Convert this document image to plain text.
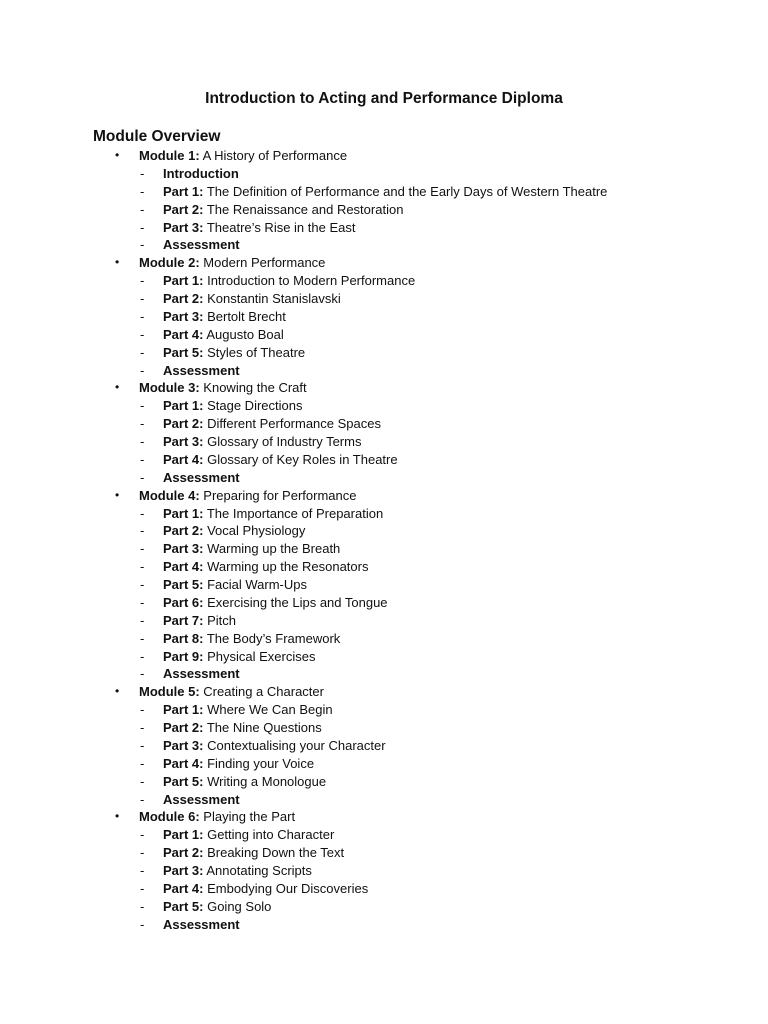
Introduction to Acting and Performance Diploma
Module Overview
• Module 1: A History of Performance
- Introduction
- Part 1: The Definition of Performance and the Early Days of Western Theatre
- Part 2: The Renaissance and Restoration
- Part 3: Theatre’s Rise in the East
- Assessment
• Module 2: Modern Performance
- Part 1: Introduction to Modern Performance
- Part 2: Konstantin Stanislavski
- Part 3: Bertolt Brecht
- Part 4: Augusto Boal
- Part 5: Styles of Theatre
- Assessment
• Module 3: Knowing the Craft
- Part 1: Stage Directions
- Part 2: Different Performance Spaces
- Part 3: Glossary of Industry Terms
- Part 4: Glossary of Key Roles in Theatre
- Assessment
• Module 4: Preparing for Performance
- Part 1: The Importance of Preparation
- Part 2: Vocal Physiology
- Part 3: Warming up the Breath
- Part 4: Warming up the Resonators
- Part 5: Facial Warm-Ups
- Part 6: Exercising the Lips and Tongue
- Part 7: Pitch
- Part 8: The Body’s Framework
- Part 9: Physical Exercises
- Assessment
• Module 5: Creating a Character
- Part 1: Where We Can Begin
- Part 2: The Nine Questions
- Part 3: Contextualising your Character
- Part 4: Finding your Voice
- Part 5: Writing a Monologue
- Assessment
• Module 6: Playing the Part
- Part 1: Getting into Character
- Part 2: Breaking Down the Text
- Part 3: Annotating Scripts
- Part 4: Embodying Our Discoveries
- Part 5: Going Solo
- Assessment
